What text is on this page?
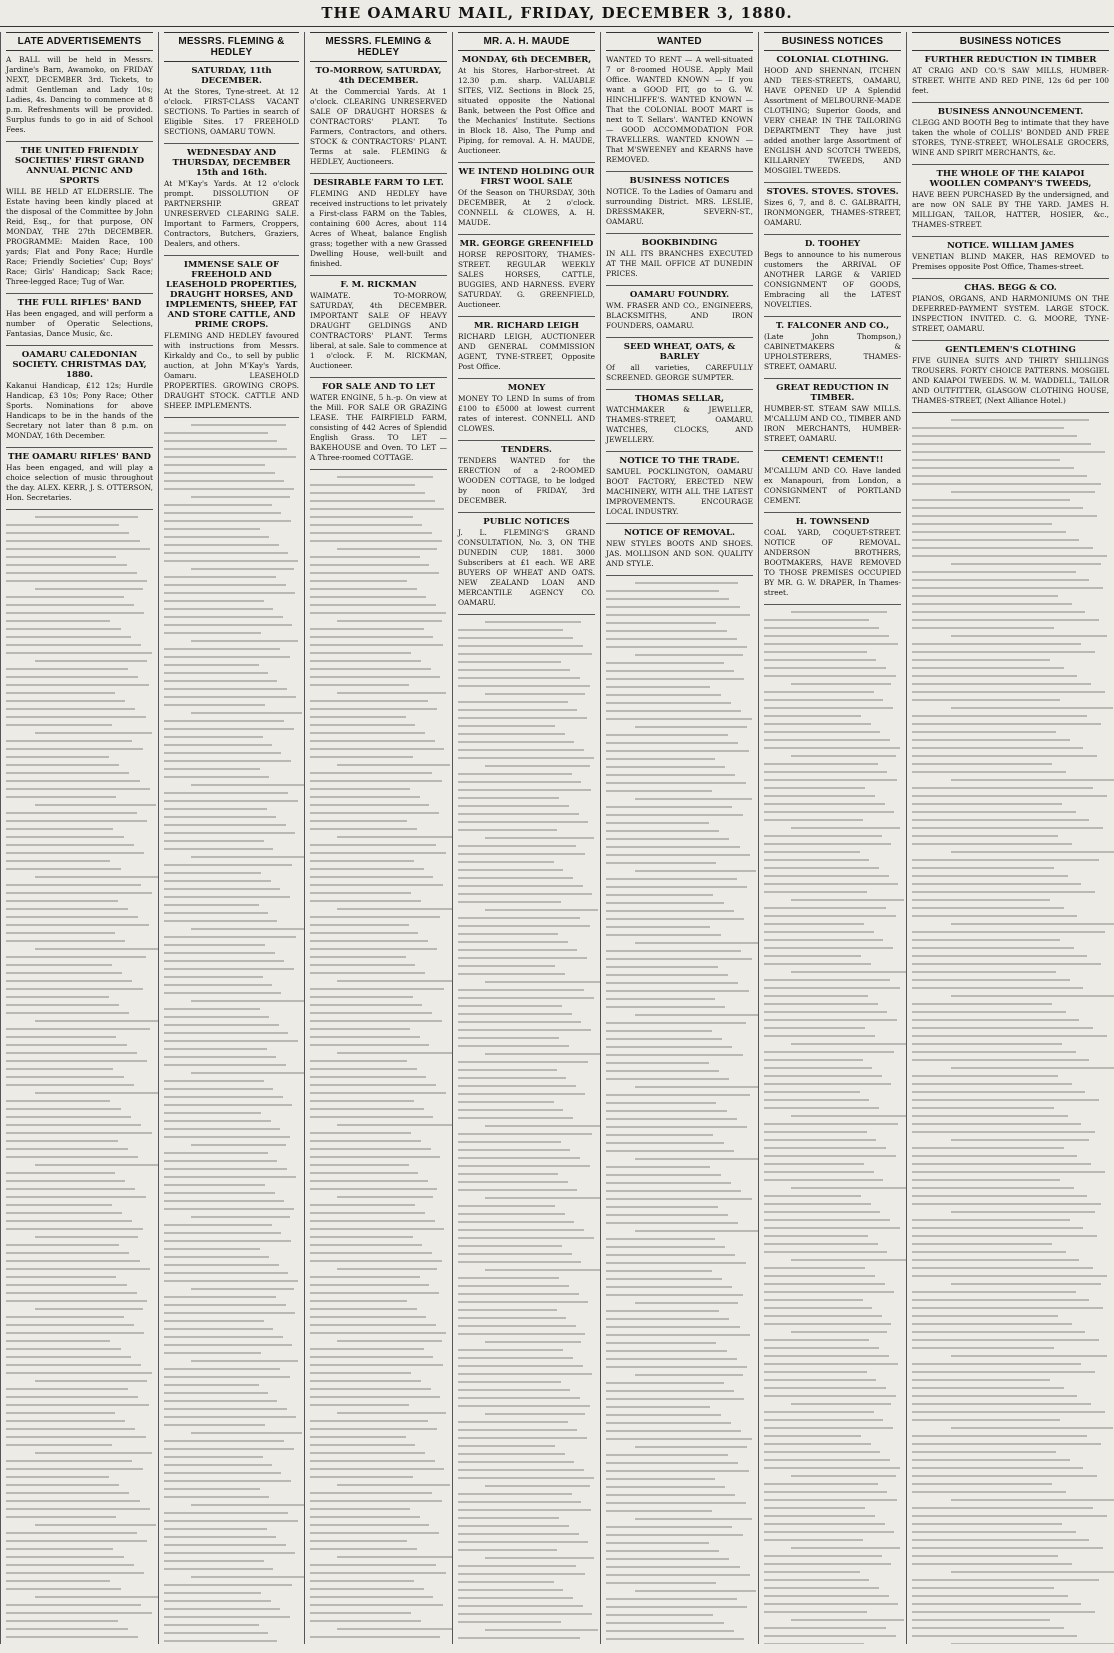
THE OAMARU MAIL, FRIDAY, DECEMBER 3, 1880.
LATE ADVERTISEMENTS
A BALL will be held in Messrs. Jardine's Barn, Awamoko, on FRIDAY NEXT, DECEMBER 3rd. Tickets, to admit Gentleman and Lady 10s; Ladies, 4s. Dancing to commence at 8 p.m. Refreshments will be provided. Surplus funds to go in aid of School Fees.
THE UNITED FRIENDLY SOCIETIES' FIRST GRAND ANNUAL PICNIC AND SPORTS
WILL BE HELD AT ELDERSLIE. The Estate having been kindly placed at the disposal of the Committee by John Reid, Esq., for that purpose, ON MONDAY, THE 27th DECEMBER. PROGRAMME: Maiden Race, 100 yards; Flat and Pony Race; Hurdle Race; Friendly Societies' Cup; Boys' Race; Girls' Handicap; Sack Race; Three-legged Race; Tug of War.
THE FULL RIFLES' BAND
Has been engaged, and will perform a number of Operatic Selections, Fantasias, Dance Music, &c.
OAMARU CALEDONIAN SOCIETY. CHRISTMAS DAY, 1880.
Kakanui Handicap, £12 12s; Hurdle Handicap, £3 10s; Pony Race; Other Sports. Nominations for above Handicaps to be in the hands of the Secretary not later than 8 p.m. on MONDAY, 16th December.
THE OAMARU RIFLES' BAND
Has been engaged, and will play a choice selection of music throughout the day. ALEX. KERR, J. S. OTTERSON, Hon. Secretaries.
MESSRS. FLEMING & HEDLEY
SATURDAY, 11th DECEMBER.
At the Stores, Tyne-street. At 12 o'clock. FIRST-CLASS VACANT SECTIONS. To Parties in search of Eligible Sites. 17 FREEHOLD SECTIONS, OAMARU TOWN.
WEDNESDAY AND THURSDAY, DECEMBER 15th and 16th.
At M'Kay's Yards. At 12 o'clock prompt. DISSOLUTION OF PARTNERSHIP. GREAT UNRESERVED CLEARING SALE. Important to Farmers, Croppers, Contractors, Butchers, Graziers, Dealers, and others.
IMMENSE SALE OF FREEHOLD AND LEASEHOLD PROPERTIES, DRAUGHT HORSES, AND IMPLEMENTS, SHEEP, FAT AND STORE CATTLE, AND PRIME CROPS.
FLEMING AND HEDLEY favoured with instructions from Messrs. Kirkaldy and Co., to sell by public auction, at John M'Kay's Yards, Oamaru. LEASEHOLD PROPERTIES. GROWING CROPS. DRAUGHT STOCK. CATTLE AND SHEEP. IMPLEMENTS.
MESSRS. FLEMING & HEDLEY
TO-MORROW, SATURDAY, 4th DECEMBER.
At the Commercial Yards. At 1 o'clock. CLEARING UNRESERVED SALE OF DRAUGHT HORSES & CONTRACTORS' PLANT. To Farmers, Contractors, and others. STOCK & CONTRACTORS' PLANT. Terms at sale. FLEMING & HEDLEY, Auctioneers.
DESIRABLE FARM TO LET.
FLEMING AND HEDLEY have received instructions to let privately a First-class FARM on the Tables, containing 600 Acres, about 114 Acres of Wheat, balance English grass; together with a new Grassed Dwelling House, well-built and finished.
F. M. RICKMAN
WAIMATE. TO-MORROW, SATURDAY, 4th DECEMBER. IMPORTANT SALE OF HEAVY DRAUGHT GELDINGS AND CONTRACTORS' PLANT. Terms liberal, at sale. Sale to commence at 1 o'clock. F. M. RICKMAN, Auctioneer.
FOR SALE AND TO LET
WATER ENGINE, 5 h.-p. On view at the Mill. FOR SALE OR GRAZING LEASE. THE FAIRFIELD FARM, consisting of 442 Acres of Splendid English Grass. TO LET — BAKEHOUSE and Oven. TO LET — A Three-roomed COTTAGE.
MR. A. H. MAUDE
MONDAY, 6th DECEMBER,
At his Stores, Harbor-street. At 12.30 p.m. sharp. VALUABLE SITES, VIZ. Sections in Block 25, situated opposite the National Bank, between the Post Office and the Mechanics' Institute. Sections in Block 18. Also, The Pump and Piping, for removal. A. H. MAUDE, Auctioneer.
WE INTEND HOLDING OUR FIRST WOOL SALE
Of the Season on THURSDAY, 30th DECEMBER, At 2 o'clock. CONNELL & CLOWES, A. H. MAUDE.
MR. GEORGE GREENFIELD
HORSE REPOSITORY, THAMES-STREET. REGULAR WEEKLY SALES HORSES, CATTLE, BUGGIES, AND HARNESS. EVERY SATURDAY. G. GREENFIELD, Auctioneer.
MR. RICHARD LEIGH
RICHARD LEIGH, AUCTIONEER AND GENERAL COMMISSION AGENT, TYNE-STREET, Opposite Post Office.
MONEY
MONEY TO LEND In sums of from £100 to £5000 at lowest current rates of interest. CONNELL AND CLOWES.
TENDERS.
TENDERS WANTED for the ERECTION of a 2-ROOMED WOODEN COTTAGE, to be lodged by noon of FRIDAY, 3rd DECEMBER.
PUBLIC NOTICES
J. L. FLEMING'S GRAND CONSULTATION, No. 3, ON THE DUNEDIN CUP, 1881. 3000 Subscribers at £1 each. WE ARE BUYERS OF WHEAT AND OATS. NEW ZEALAND LOAN AND MERCANTILE AGENCY CO. OAMARU.
WANTED
WANTED TO RENT — A well-situated 7 or 8-roomed HOUSE. Apply Mail Office. WANTED KNOWN — If you want a GOOD FIT, go to G. W. HINCHLIFFE'S. WANTED KNOWN — That the COLONIAL BOOT MART is next to T. Sellars'. WANTED KNOWN — GOOD ACCOMMODATION FOR TRAVELLERS. WANTED KNOWN — That M'SWEENEY and KEARNS have REMOVED.
BUSINESS NOTICES
NOTICE. To the Ladies of Oamaru and surrounding District. MRS. LESLIE, DRESSMAKER, SEVERN-ST., OAMARU.
BOOKBINDING
IN ALL ITS BRANCHES EXECUTED AT THE MAIL OFFICE AT DUNEDIN PRICES.
OAMARU FOUNDRY.
WM. FRASER AND CO., ENGINEERS, BLACKSMITHS, AND IRON FOUNDERS, OAMARU.
SEED WHEAT, OATS, & BARLEY
Of all varieties, CAREFULLY SCREENED. GEORGE SUMPTER.
THOMAS SELLAR,
WATCHMAKER & JEWELLER, THAMES-STREET, OAMARU. WATCHES, CLOCKS, AND JEWELLERY.
NOTICE TO THE TRADE.
SAMUEL POCKLINGTON, OAMARU BOOT FACTORY, ERECTED NEW MACHINERY, WITH ALL THE LATEST IMPROVEMENTS. ENCOURAGE LOCAL INDUSTRY.
NOTICE OF REMOVAL.
NEW STYLES BOOTS AND SHOES. JAS. MOLLISON AND SON. QUALITY AND STYLE.
BUSINESS NOTICES
COLONIAL CLOTHING.
HOOD AND SHENNAN, ITCHEN AND TEES-STREETS, OAMARU, HAVE OPENED UP A Splendid Assortment of MELBOURNE-MADE CLOTHING; Superior Goods, and VERY CHEAP. IN THE TAILORING DEPARTMENT They have just added another large Assortment of ENGLISH AND SCOTCH TWEEDS, KILLARNEY TWEEDS, AND MOSGIEL TWEEDS.
STOVES. STOVES. STOVES.
Sizes 6, 7, and 8. C. GALBRAITH, IRONMONGER, THAMES-STREET, OAMARU.
D. TOOHEY
Begs to announce to his numerous customers the ARRIVAL OF ANOTHER LARGE & VARIED CONSIGNMENT OF GOODS, Embracing all the LATEST NOVELTIES.
T. FALCONER AND CO.,
(Late John Thompson,) CABINETMAKERS & UPHOLSTERERS, THAMES-STREET, OAMARU.
GREAT REDUCTION IN TIMBER.
HUMBER-ST. STEAM SAW MILLS. M'CALLUM AND CO., TIMBER AND IRON MERCHANTS, HUMBER-STREET, OAMARU.
CEMENT! CEMENT!!
M'CALLUM AND CO. Have landed ex Manapouri, from London, a CONSIGNMENT of PORTLAND CEMENT.
H. TOWNSEND
COAL YARD, COQUET-STREET. NOTICE OF REMOVAL. ANDERSON BROTHERS, BOOTMAKERS, HAVE REMOVED TO THOSE PREMISES OCCUPIED BY MR. G. W. DRAPER, In Thames-street.
BUSINESS NOTICES
FURTHER REDUCTION IN TIMBER
AT CRAIG AND CO.'S SAW MILLS, HUMBER-STREET. WHITE AND RED PINE, 12s 6d per 100 feet.
BUSINESS ANNOUNCEMENT.
CLEGG AND BOOTH Beg to intimate that they have taken the whole of COLLIS' BONDED AND FREE STORES, TYNE-STREET, WHOLESALE GROCERS, WINE AND SPIRIT MERCHANTS, &c.
THE WHOLE OF THE KAIAPOI WOOLLEN COMPANY'S TWEEDS,
HAVE BEEN PURCHASED By the undersigned, and are now ON SALE BY THE YARD. JAMES H. MILLIGAN, TAILOR, HATTER, HOSIER, &c., THAMES-STREET.
NOTICE. WILLIAM JAMES
VENETIAN BLIND MAKER, HAS REMOVED to Premises opposite Post Office, Thames-street.
CHAS. BEGG & CO.
PIANOS, ORGANS, AND HARMONIUMS ON THE DEFERRED-PAYMENT SYSTEM. LARGE STOCK. INSPECTION INVITED. C. G. MOORE, TYNE-STREET, OAMARU.
GENTLEMEN'S CLOTHING
FIVE GUINEA SUITS AND THIRTY SHILLINGS TROUSERS. FORTY CHOICE PATTERNS. MOSGIEL AND KAIAPOI TWEEDS. W. M. WADDELL, TAILOR AND OUTFITTER, GLASGOW CLOTHING HOUSE, THAMES-STREET, (Next Alliance Hotel.)
